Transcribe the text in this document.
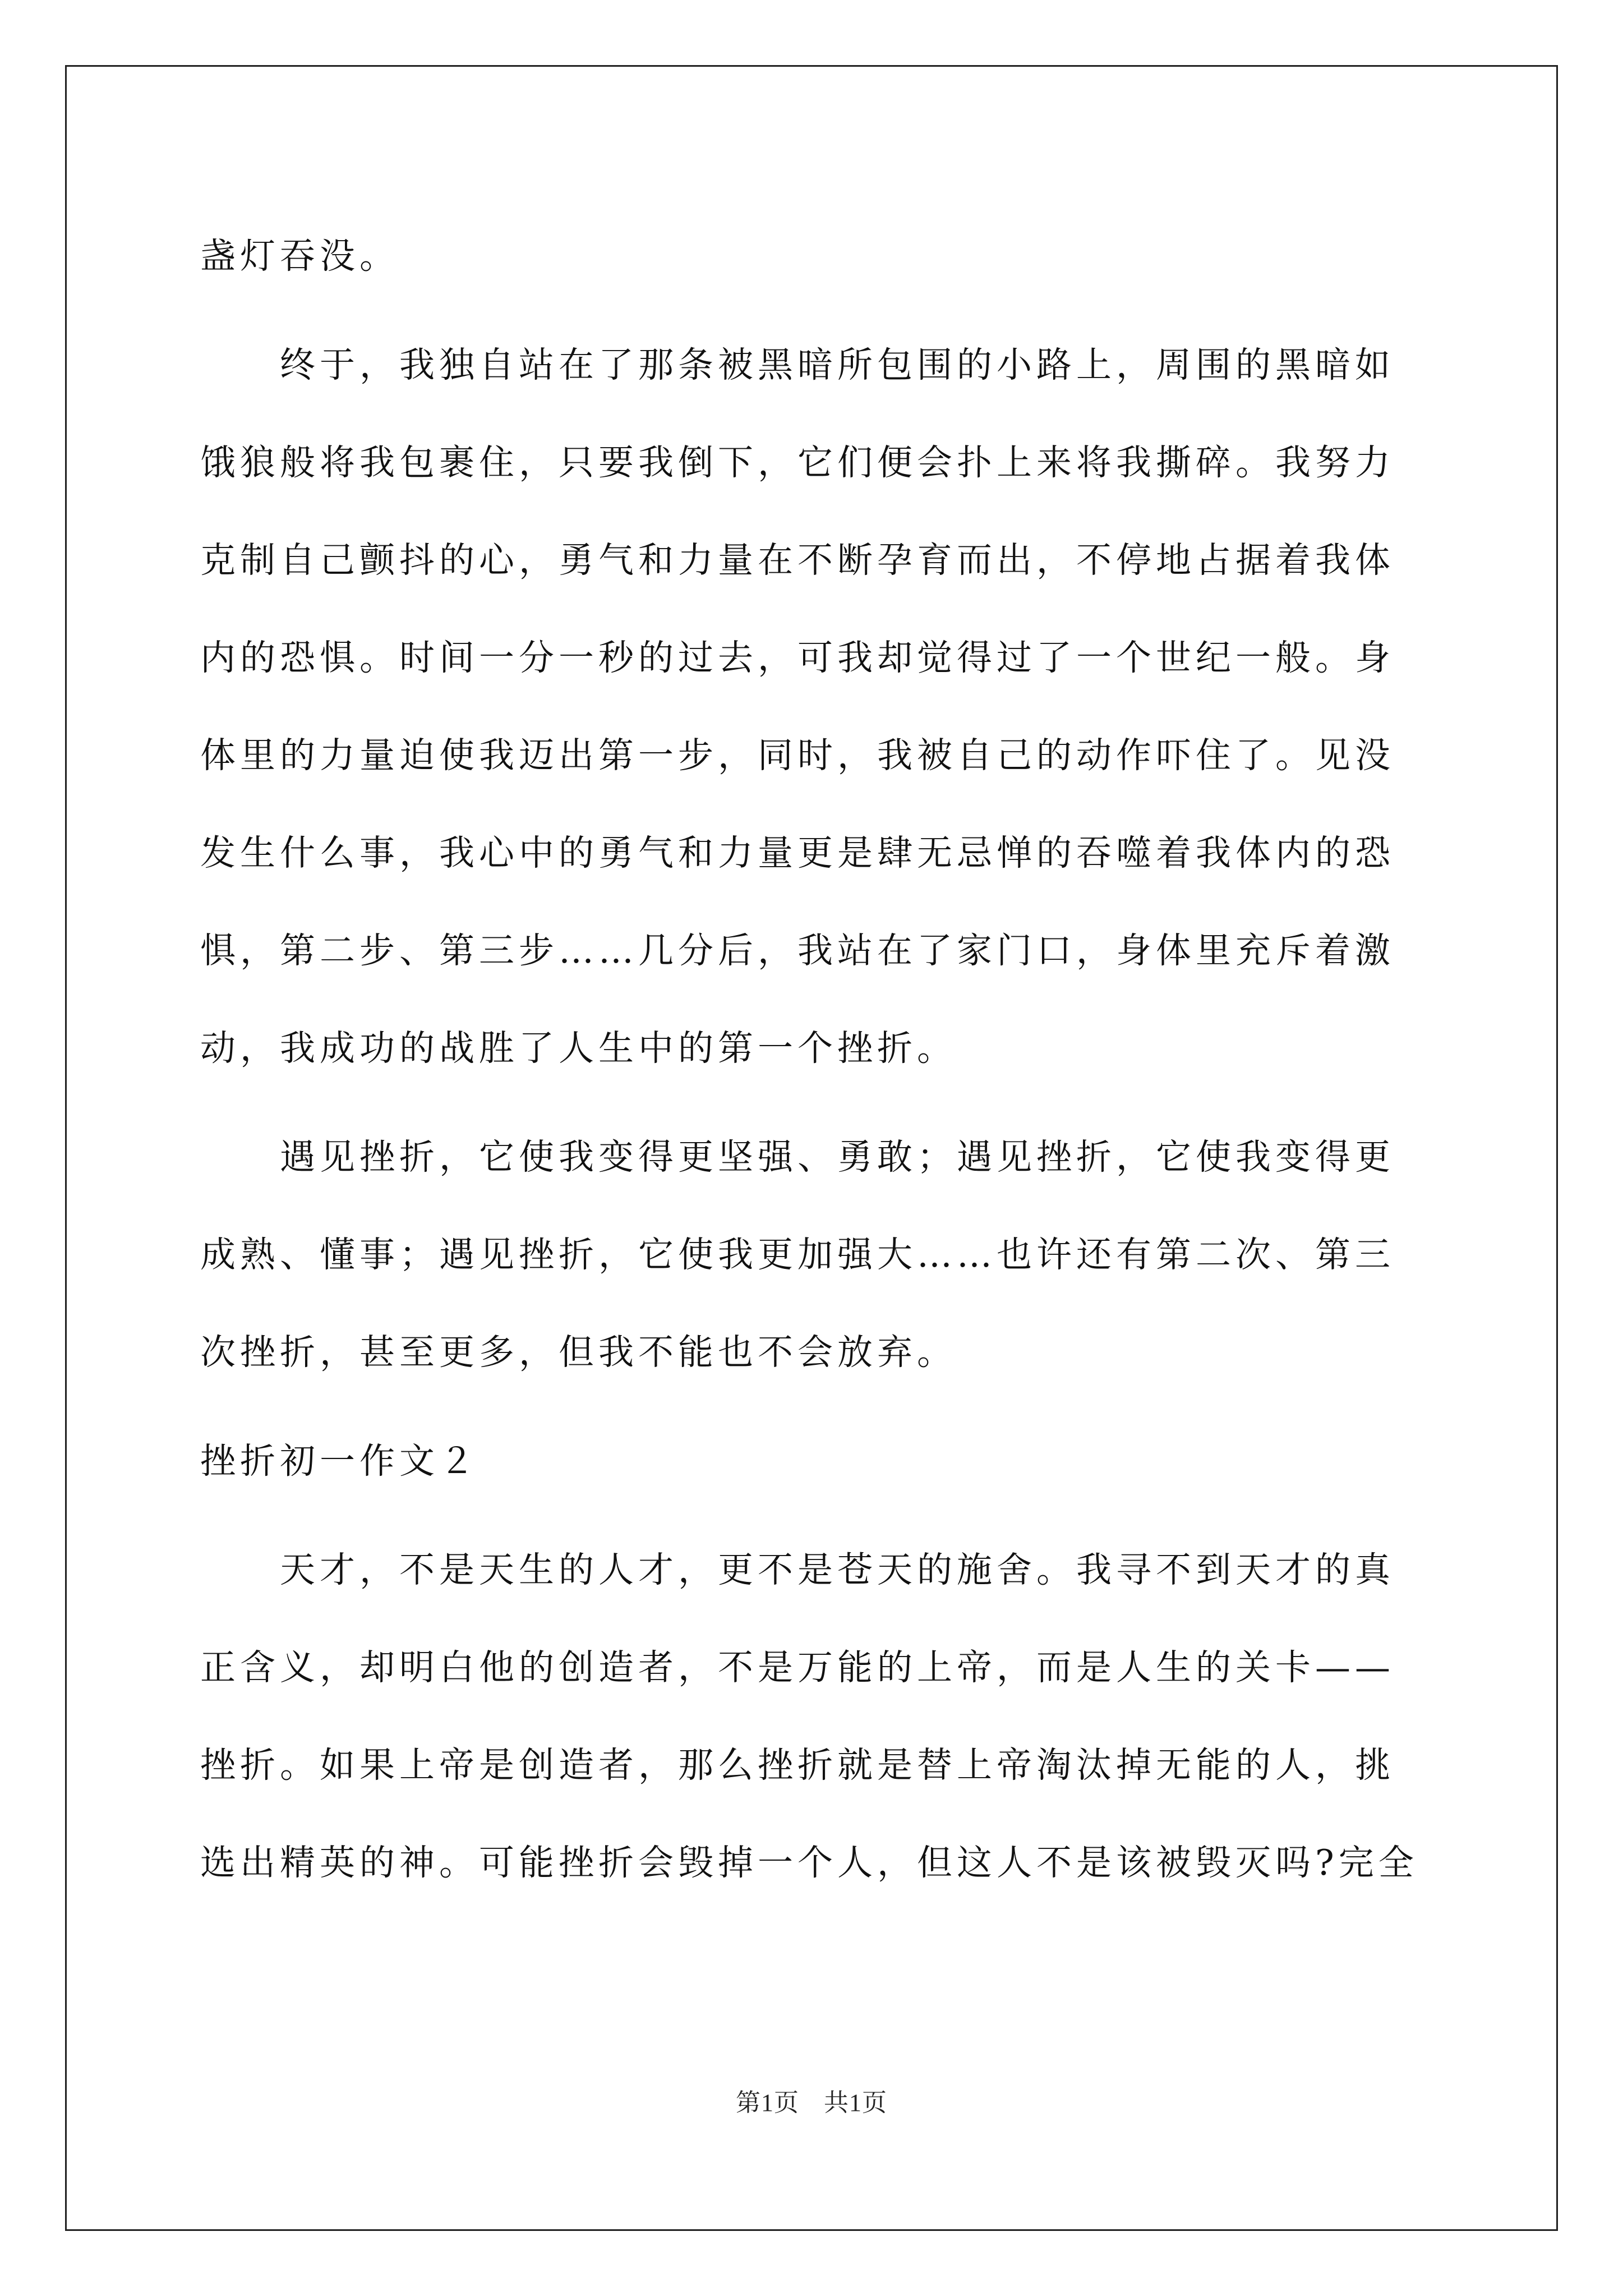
盏灯吞没。
终于，我独自站在了那条被黑暗所包围的小路上，周围的黑暗如
饿狼般将我包裹住，只要我倒下，它们便会扑上来将我撕碎。我努力
克制自己颤抖的心，勇气和力量在不断孕育而出，不停地占据着我体
内的恐惧。时间一分一秒的过去，可我却觉得过了一个世纪一般。身
体里的力量迫使我迈出第一步，同时，我被自己的动作吓住了。见没
发生什么事，我心中的勇气和力量更是肆无忌惮的吞噬着我体内的恐
惧，第二步、第三步……几分后，我站在了家门口，身体里充斥着激
动，我成功的战胜了人生中的第一个挫折。
遇见挫折，它使我变得更坚强、勇敢；遇见挫折，它使我变得更
成熟、懂事；遇见挫折，它使我更加强大……也许还有第二次、第三
次挫折，甚至更多，但我不能也不会放弃。
挫折初一作文２
天才，不是天生的人才，更不是苍天的施舍。我寻不到天才的真
正含义，却明白他的创造者，不是万能的上帝，而是人生的关卡——
挫折。如果上帝是创造者，那么挫折就是替上帝淘汰掉无能的人，挑
选出精英的神。可能挫折会毁掉一个人，但这人不是该被毁灭吗?完全
第1页 共1页
